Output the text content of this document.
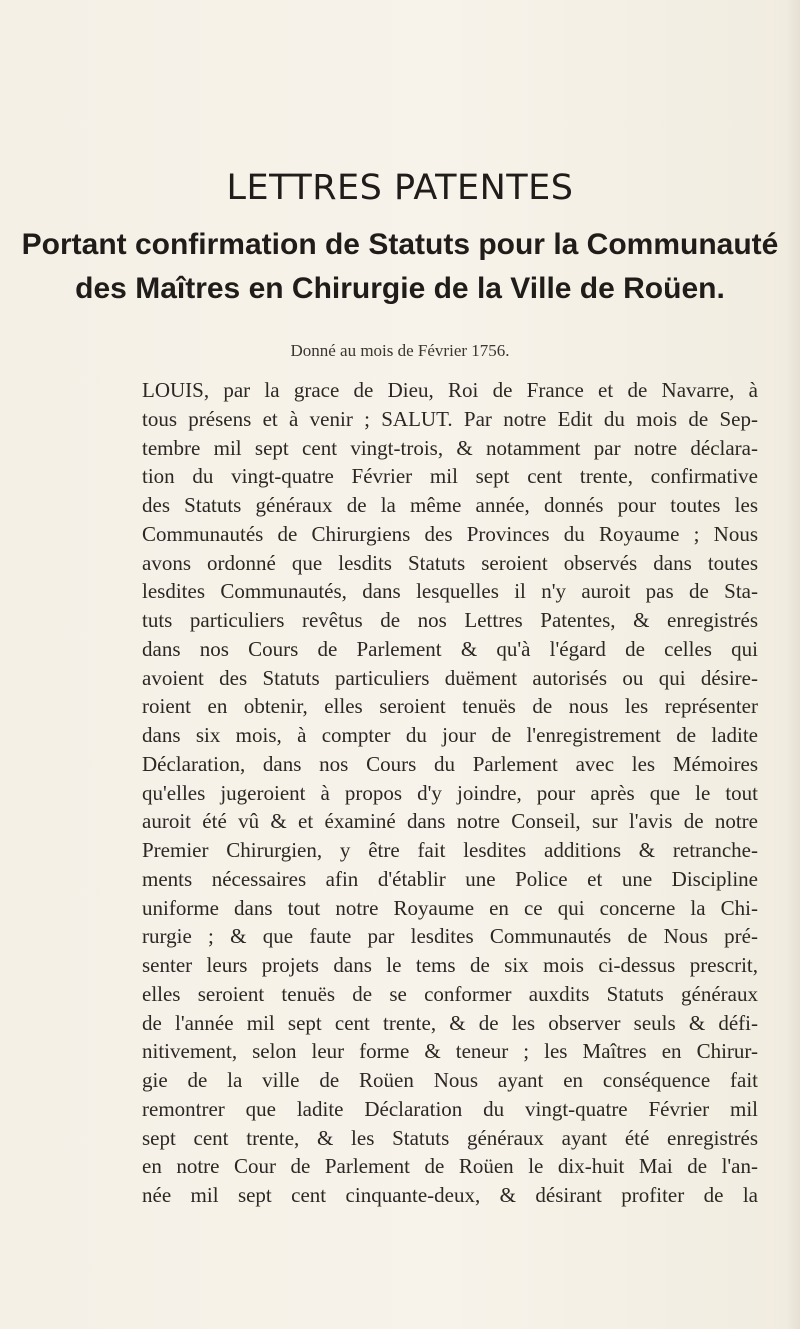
LETTRES PATENTES
Portant confirmation de Statuts pour la Communauté
des Maîtres en Chirurgie de la Ville de Roüen.
Donné au mois de Février 1756.
LOUIS, par la grace de Dieu, Roi de France et de Navarre, à
tous présens et à venir ; SALUT. Par notre Edit du mois de Sep-
tembre mil sept cent vingt-trois, & notamment par notre déclara-
tion du vingt-quatre Février mil sept cent trente, confirmative
des Statuts généraux de la même année, donnés pour toutes les
Communautés de Chirurgiens des Provinces du Royaume ; Nous
avons ordonné que lesdits Statuts seroient observés dans toutes
lesdites Communautés, dans lesquelles il n'y auroit pas de Sta-
tuts particuliers revêtus de nos Lettres Patentes, & enregistrés
dans nos Cours de Parlement & qu'à l'égard de celles qui
avoient des Statuts particuliers duëment autorisés ou qui désire-
roient en obtenir, elles seroient tenuës de nous les représenter
dans six mois, à compter du jour de l'enregistrement de ladite
Déclaration, dans nos Cours du Parlement avec les Mémoires
qu'elles jugeroient à propos d'y joindre, pour après que le tout
auroit été vû & et éxaminé dans notre Conseil, sur l'avis de notre
Premier Chirurgien, y être fait lesdites additions & retranche-
ments nécessaires afin d'établir une Police et une Discipline
uniforme dans tout notre Royaume en ce qui concerne la Chi-
rurgie ; & que faute par lesdites Communautés de Nous pré-
senter leurs projets dans le tems de six mois ci-dessus prescrit,
elles seroient tenuës de se conformer auxdits Statuts généraux
de l'année mil sept cent trente, & de les observer seuls & défi-
nitivement, selon leur forme & teneur ; les Maîtres en Chirur-
gie de la ville de Roüen Nous ayant en conséquence fait
remontrer que ladite Déclaration du vingt-quatre Février mil
sept cent trente, & les Statuts généraux ayant été enregistrés
en notre Cour de Parlement de Roüen le dix-huit Mai de l'an-
née mil sept cent cinquante-deux, & désirant profiter de la
